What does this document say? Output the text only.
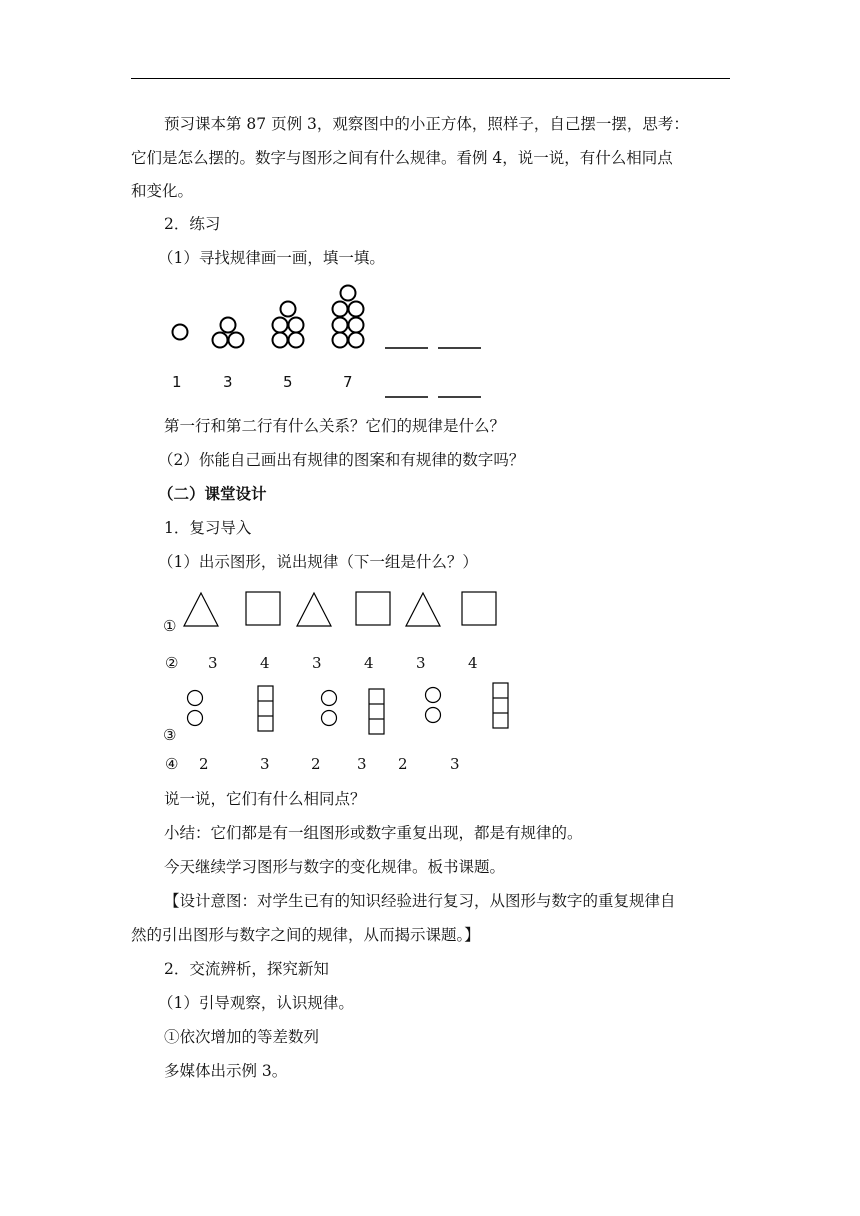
预习课本第 87 页例 3，观察图中的小正方体，照样子，自己摆一摆，思考：
它们是怎么摆的。数字与图形之间有什么规律。看例 4，说一说，有什么相同点
和变化。
2．练习
（1）寻找规律画一画，填一填。
1	3	5	7
第一行和第二行有什么关系？它们的规律是什么？
（2）你能自己画出有规律的图案和有规律的数字吗？
（二）课堂设计
1．复习导入
（1）出示图形，说出规律（下一组是什么？）
①
② 3	4	3	4	3	4
③
④ 2	3	2 3 2	3
说一说，它们有什么相同点？
小结：它们都是有一组图形或数字重复出现，都是有规律的。
今天继续学习图形与数字的变化规律。板书课题。
【设计意图：对学生已有的知识经验进行复习，从图形与数字的重复规律自
然的引出图形与数字之间的规律，从而揭示课题。】
2．交流辨析，探究新知
（1）引导观察，认识规律。
①依次增加的等差数列
多媒体出示例 3。
